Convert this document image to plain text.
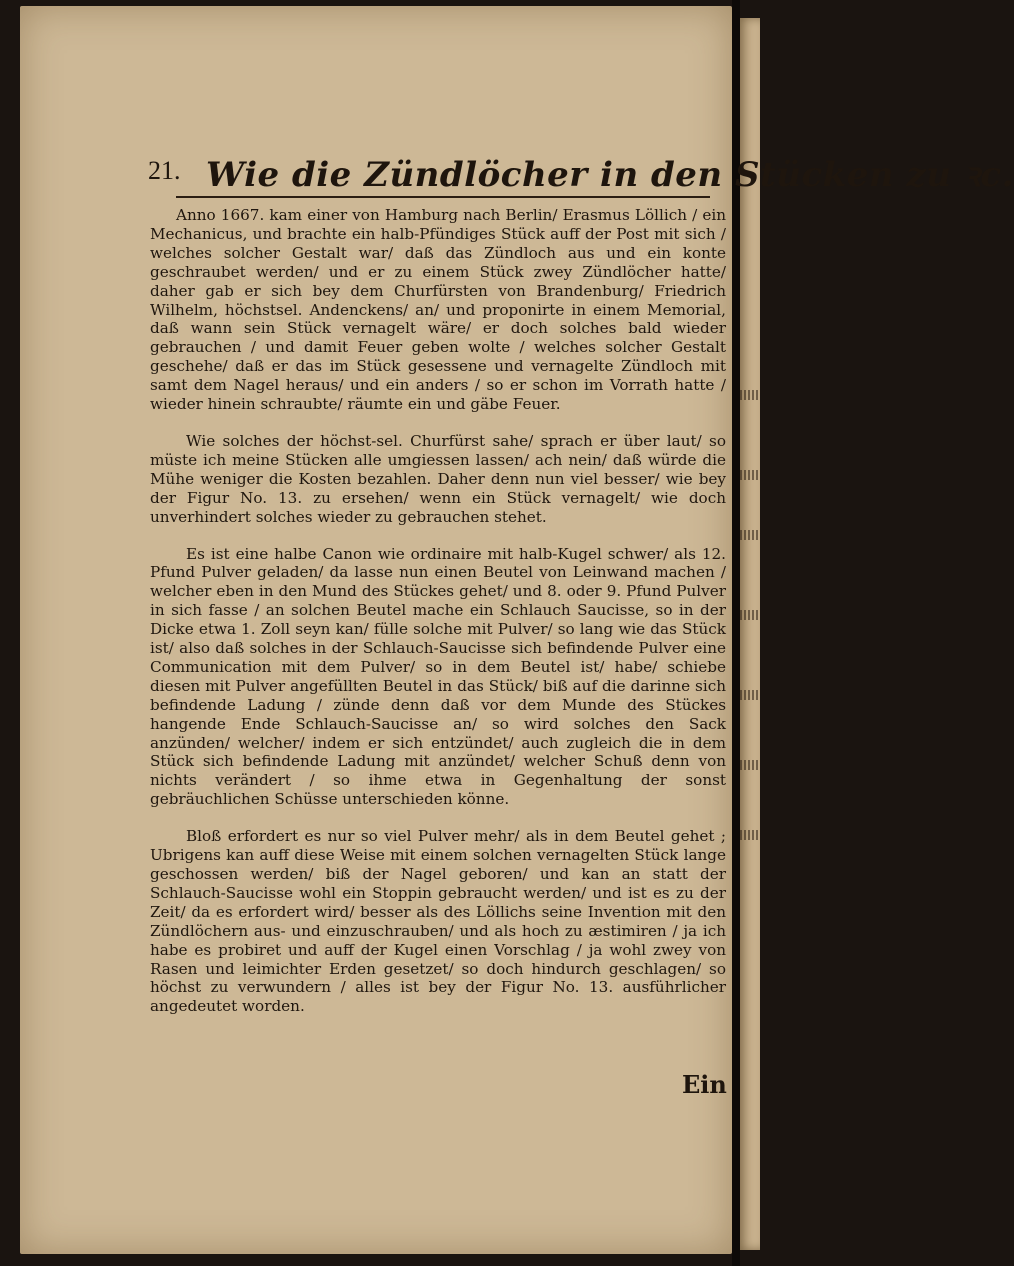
21. Wie die Zündlöcher in den Stücken zu ꝛc.

Anno 1667. kam einer von Hamburg nach Berlin/ Erasmus Löllich / ein Mechanicus, und brachte ein halb-Pfündiges Stück auff der Post mit sich / welches solcher Gestalt war/ daß das Zündloch aus und ein konte geschraubet werden/ und er zu einem Stück zwey Zündlöcher hatte/ daher gab er sich bey dem Churfürsten von Brandenburg/ Friedrich Wilhelm, höchstsel. Andenckens/ an/ und proponirte in einem Memorial, daß wann sein Stück vernagelt wäre/ er doch solches bald wieder gebrauchen / und damit Feuer geben wolte / welches solcher Gestalt geschehe/ daß er das im Stück gesessene und vernagelte Zündloch mit samt dem Nagel heraus/ und ein anders / so er schon im Vorrath hatte / wieder hinein schraubte/ räumte ein und gäbe Feuer.

Wie solches der höchst-sel. Churfürst sahe/ sprach er über laut/ so müste ich meine Stücken alle umgiessen lassen/ ach nein/ daß würde die Mühe weniger die Kosten bezahlen. Daher denn nun viel besser/ wie bey der Figur No. 13. zu ersehen/ wenn ein Stück vernagelt/ wie doch unverhindert solches wieder zu gebrauchen stehet.

Es ist eine halbe Canon wie ordinaire mit halb-Kugel schwer/ als 12. Pfund Pulver geladen/ da lasse nun einen Beutel von Leinwand machen / welcher eben in den Mund des Stückes gehet/ und 8. oder 9. Pfund Pulver in sich fasse / an solchen Beutel mache ein Schlauch Saucisse, so in der Dicke etwa 1. Zoll seyn kan/ fülle solche mit Pulver/ so lang wie das Stück ist/ also daß solches in der Schlauch-Saucisse sich befindende Pulver eine Communication mit dem Pulver/ so in dem Beutel ist/ habe/ schiebe diesen mit Pulver angefüllten Beutel in das Stück/ biß auf die darinne sich befindende Ladung / zünde denn daß vor dem Munde des Stückes hangende Ende Schlauch-Saucisse an/ so wird solches den Sack anzünden/ welcher/ indem er sich entzündet/ auch zugleich die in dem Stück sich befindende Ladung mit anzündet/ welcher Schuß denn von nichts verändert / so ihme etwa in Gegenhaltung der sonst gebräuchlichen Schüsse unterschieden könne.

Bloß erfordert es nur so viel Pulver mehr/ als in dem Beutel gehet ; Ubrigens kan auff diese Weise mit einem solchen vernagelten Stück lange geschossen werden/ biß der Nagel geboren/ und kan an statt der Schlauch-Saucisse wohl ein Stoppin gebraucht werden/ und ist es zu der Zeit/ da es erfordert wird/ besser als des Löllichs seine Invention mit den Zündlöchern aus- und einzuschrauben/ und als hoch zu æstimiren / ja ich habe es probiret und auff der Kugel einen Vorschlag / ja wohl zwey von Rasen und leimichter Erden gesetzet/ so doch hindurch geschlagen/ so höchst zu verwundern / alles ist bey der Figur No. 13. ausführlicher angedeutet worden.

Ein
